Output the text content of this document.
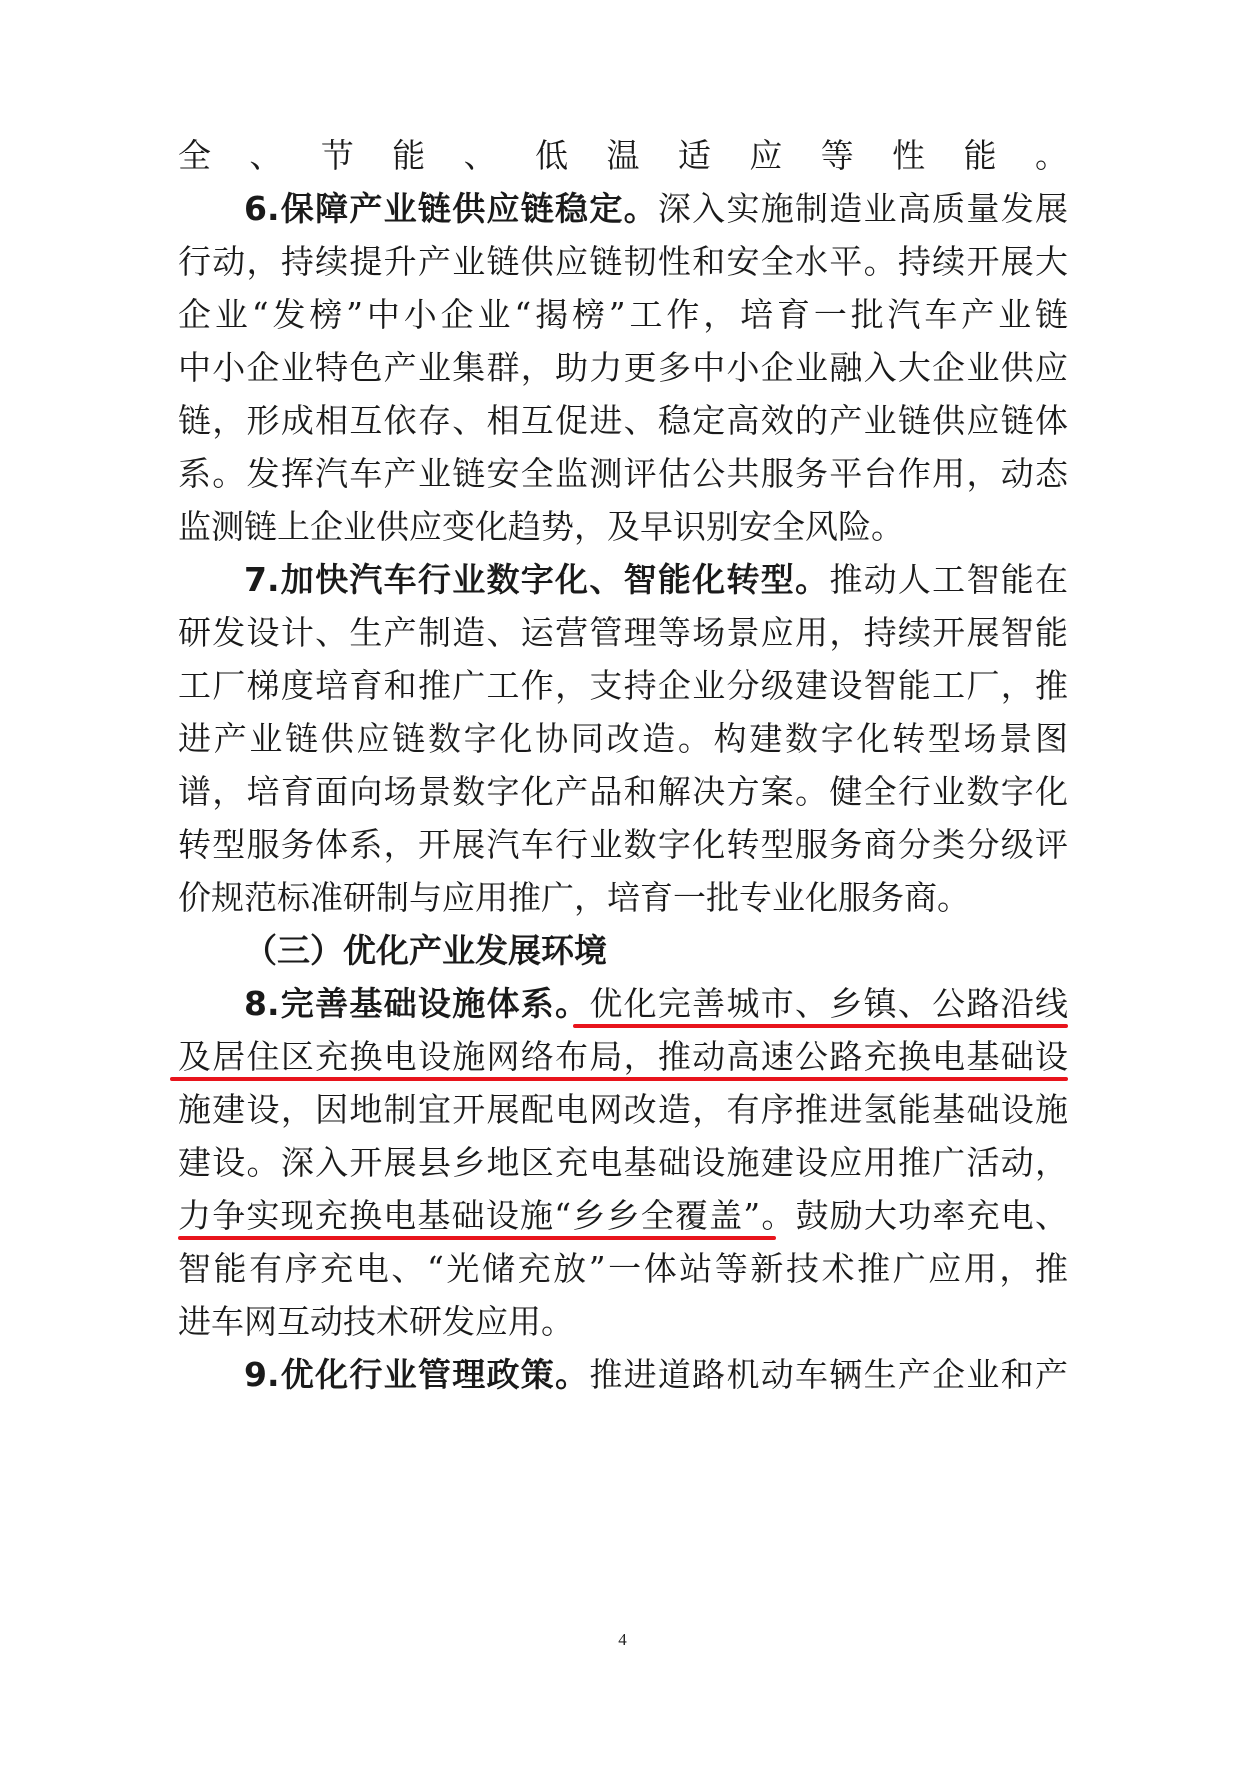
全、节能、低温适应等性能。
6.保障产业链供应链稳定。深入实施制造业高质量发展
行动，持续提升产业链供应链韧性和安全水平。持续开展大
企业“发榜”中小企业“揭榜”工作，培育一批汽车产业链
中小企业特色产业集群，助力更多中小企业融入大企业供应
链，形成相互依存、相互促进、稳定高效的产业链供应链体
系。发挥汽车产业链安全监测评估公共服务平台作用，动态
监测链上企业供应变化趋势，及早识别安全风险。
7.加快汽车行业数字化、智能化转型。推动人工智能在
研发设计、生产制造、运营管理等场景应用，持续开展智能
工厂梯度培育和推广工作，支持企业分级建设智能工厂，推
进产业链供应链数字化协同改造。构建数字化转型场景图
谱，培育面向场景数字化产品和解决方案。健全行业数字化
转型服务体系，开展汽车行业数字化转型服务商分类分级评
价规范标准研制与应用推广，培育一批专业化服务商。
（三）优化产业发展环境
8.完善基础设施体系。优化完善城市、乡镇、公路沿线
及居住区充换电设施网络布局，推动高速公路充换电基础设
施建设，因地制宜开展配电网改造，有序推进氢能基础设施
建设。深入开展县乡地区充电基础设施建设应用推广活动，
力争实现充换电基础设施“乡乡全覆盖”。鼓励大功率充电、
智能有序充电、“光储充放”一体站等新技术推广应用，推
进车网互动技术研发应用。
9.优化行业管理政策。推进道路机动车辆生产企业和产
4
